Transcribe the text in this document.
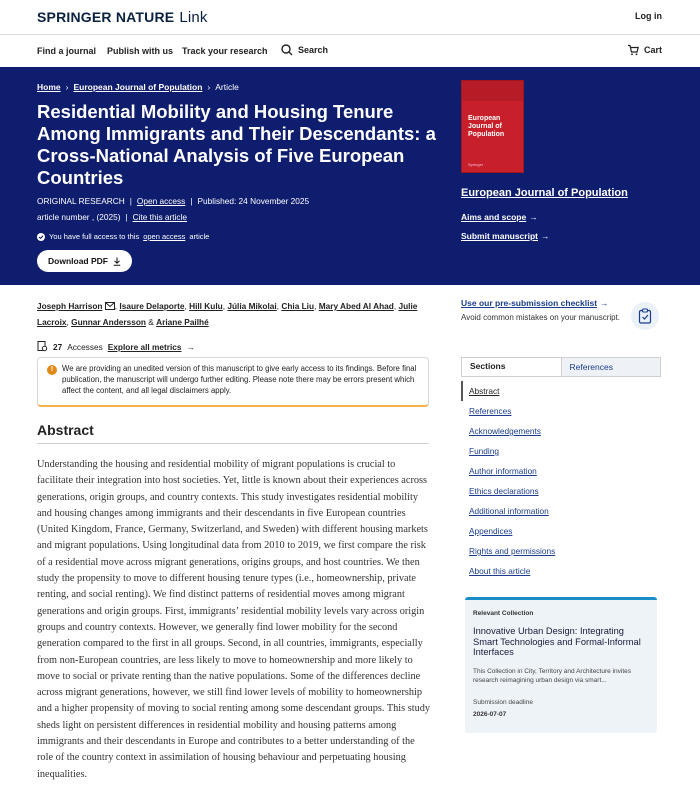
SPRINGER NATURE Link	Log in
Find a journal Publish with us Track your research	Search	Cart
Home › European Journal of Population › Article
Residential Mobility and Housing Tenure Among Immigrants and Their Descendants: a Cross-National Analysis of Five European Countries
ORIGINAL RESEARCH | Open access | Published: 24 November 2025
article number , (2025) | Cite this article
You have full access to this open access article
Download PDF
European Journal of Population
Springer
European Journal of Population
Aims and scope →
Submit manuscript →
Joseph Harrison , Isaure Delaporte, Hill Kulu, Júlia Mikolai, Chia Liu, Mary Abed Al Ahad, Julie Lacroix, Gunnar Andersson & Ariane Pailhé
27 Accesses Explore all metrics →
!	We are providing an unedited version of this manuscript to give early access to its findings. Before final publication, the manuscript will undergo further editing. Please note there may be errors present which affect the content, and all legal disclaimers apply.
Abstract
Understanding the housing and residential mobility of migrant populations is crucial to facilitate their integration into host societies. Yet, little is known about their experiences across generations, origin groups, and country contexts. This study investigates residential mobility and housing changes among immigrants and their descendants in five European countries (United Kingdom, France, Germany, Switzerland, and Sweden) with different housing markets and migrant populations. Using longitudinal data from 2010 to 2019, we first compare the risk of a residential move across migrant generations, origins groups, and host countries. We then study the propensity to move to different housing tenure types (i.e., homeownership, private renting, and social renting). We find distinct patterns of residential moves among migrant generations and origin groups. First, immigrants’ residential mobility levels vary across origin groups and country contexts. However, we generally find lower mobility for the second generation compared to the first in all groups. Second, in all countries, immigrants, especially from non-European countries, are less likely to move to homeownership and more likely to move to social or private renting than the native populations. Some of the differences decline across migrant generations, however, we still find lower levels of mobility to homeownership and a higher propensity of moving to social renting among some descendant groups. This study sheds light on persistent differences in residential mobility and housing patterns among immigrants and their descendants in Europe and contributes to a better understanding of the role of the country context in assimilation of housing behaviour and perpetuating housing inequalities.
Use our pre-submission checklist →
Avoid common mistakes on your manuscript.
Sections	References
Abstract
References
Acknowledgements
Funding
Author information
Ethics declarations
Additional information
Appendices
Rights and permissions
About this article
Relevant Collection
Innovative Urban Design: Integrating Smart Technologies and Formal-Informal Interfaces
This Collection in City, Territory and Architecture invites research reimagining urban design via smart...
Submission deadline
2026-07-07
